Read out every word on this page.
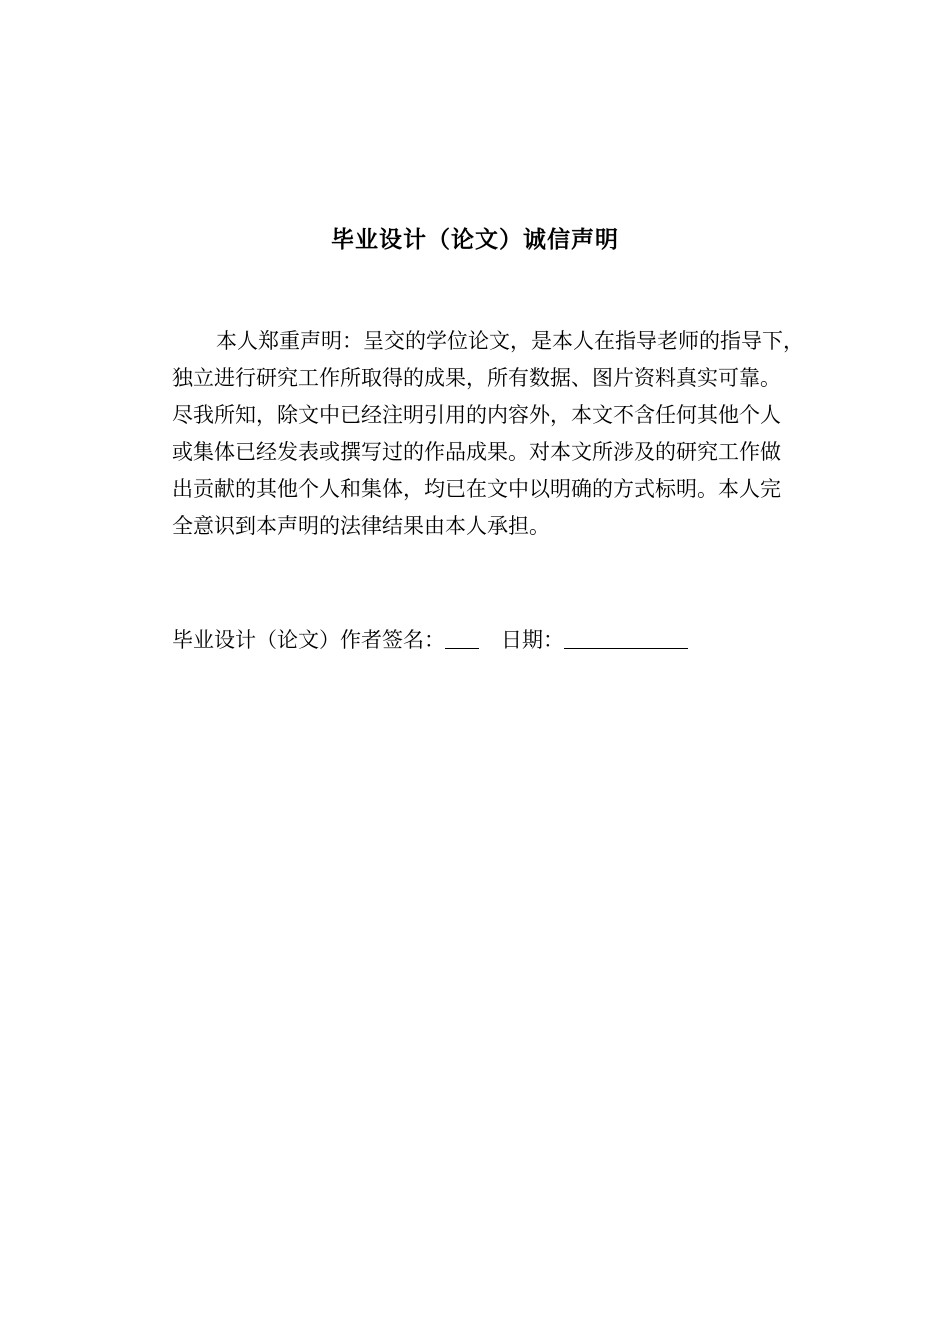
毕业设计（论文）诚信声明
本人郑重声明：呈交的学位论文，是本人在指导老师的指导下，
独立进行研究工作所取得的成果，所有数据、图片资料真实可靠。
尽我所知，除文中已经注明引用的内容外，本文不含任何其他个人
或集体已经发表或撰写过的作品成果。对本文所涉及的研究工作做
出贡献的其他个人和集体，均已在文中以明确的方式标明。本人完
全意识到本声明的法律结果由本人承担。
毕业设计（论文）作者签名：	日期：
